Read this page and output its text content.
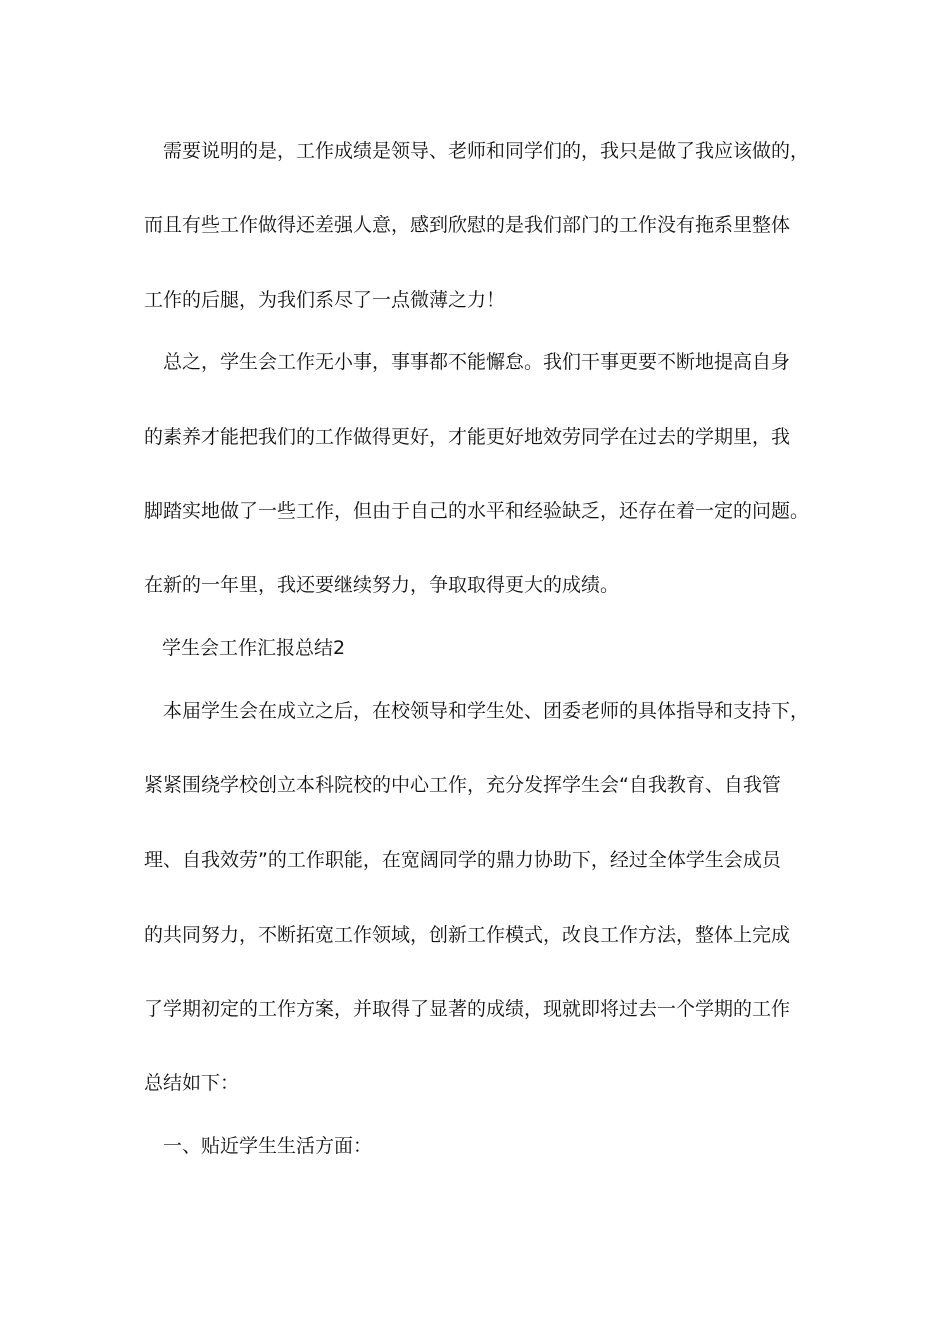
需要说明的是，工作成绩是领导、老师和同学们的，我只是做了我应该做的，
而且有些工作做得还差强人意，感到欣慰的是我们部门的工作没有拖系里整体
工作的后腿，为我们系尽了一点微薄之力！
总之，学生会工作无小事，事事都不能懈怠。我们干事更要不断地提高自身
的素养才能把我们的工作做得更好，才能更好地效劳同学在过去的学期里，我
脚踏实地做了一些工作，但由于自己的水平和经验缺乏，还存在着一定的问题。
在新的一年里，我还要继续努力，争取取得更大的成绩。
学生会工作汇报总结2
本届学生会在成立之后，在校领导和学生处、团委老师的具体指导和支持下，
紧紧围绕学校创立本科院校的中心工作，充分发挥学生会“自我教育、自我管
理、自我效劳”的工作职能，在宽阔同学的鼎力协助下，经过全体学生会成员
的共同努力，不断拓宽工作领域，创新工作模式，改良工作方法，整体上完成
了学期初定的工作方案，并取得了显著的成绩，现就即将过去一个学期的工作
总结如下：
一、贴近学生生活方面：
